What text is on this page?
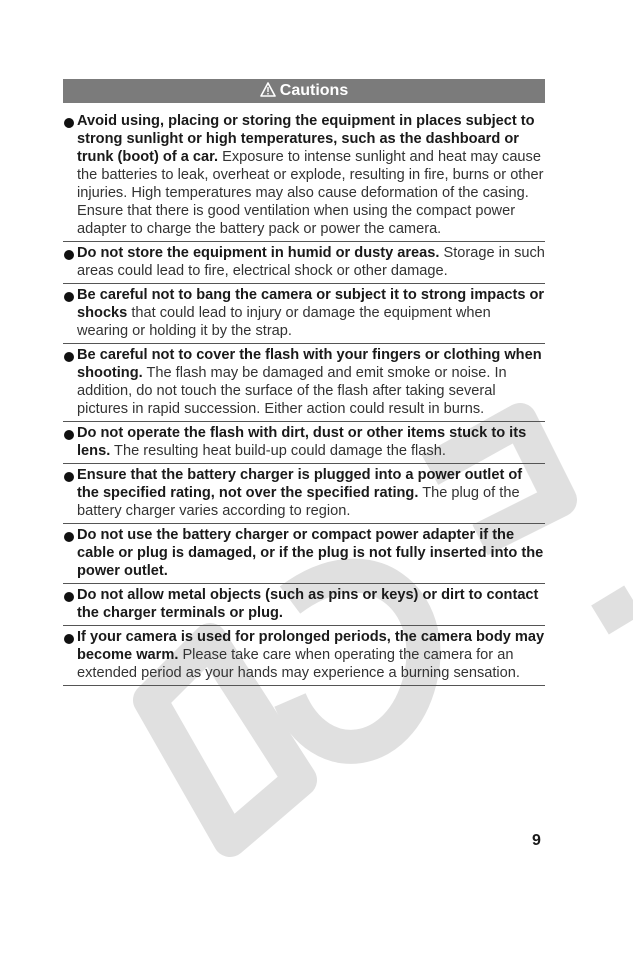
Cautions
Avoid using, placing or storing the equipment in places subject to strong sunlight or high temperatures, such as the dashboard or trunk (boot) of a car. Exposure to intense sunlight and heat may cause the batteries to leak, overheat or explode, resulting in fire, burns or other injuries. High temperatures may also cause deformation of the casing. Ensure that there is good ventilation when using the compact power adapter to charge the battery pack or power the camera.
Do not store the equipment in humid or dusty areas. Storage in such areas could lead to fire, electrical shock or other damage.
Be careful not to bang the camera or subject it to strong impacts or shocks that could lead to injury or damage the equipment when wearing or holding it by the strap.
Be careful not to cover the flash with your fingers or clothing when shooting. The flash may be damaged and emit smoke or noise. In addition, do not touch the surface of the flash after taking several pictures in rapid succession. Either action could result in burns.
Do not operate the flash with dirt, dust or other items stuck to its lens. The resulting heat build-up could damage the flash.
Ensure that the battery charger is plugged into a power outlet of the specified rating, not over the specified rating. The plug of the battery charger varies according to region.
Do not use the battery charger or compact power adapter if the cable or plug is damaged, or if the plug is not fully inserted into the power outlet.
Do not allow metal objects (such as pins or keys) or dirt to contact the charger terminals or plug.
If your camera is used for prolonged periods, the camera body may become warm. Please take care when operating the camera for an extended period as your hands may experience a burning sensation.
9
